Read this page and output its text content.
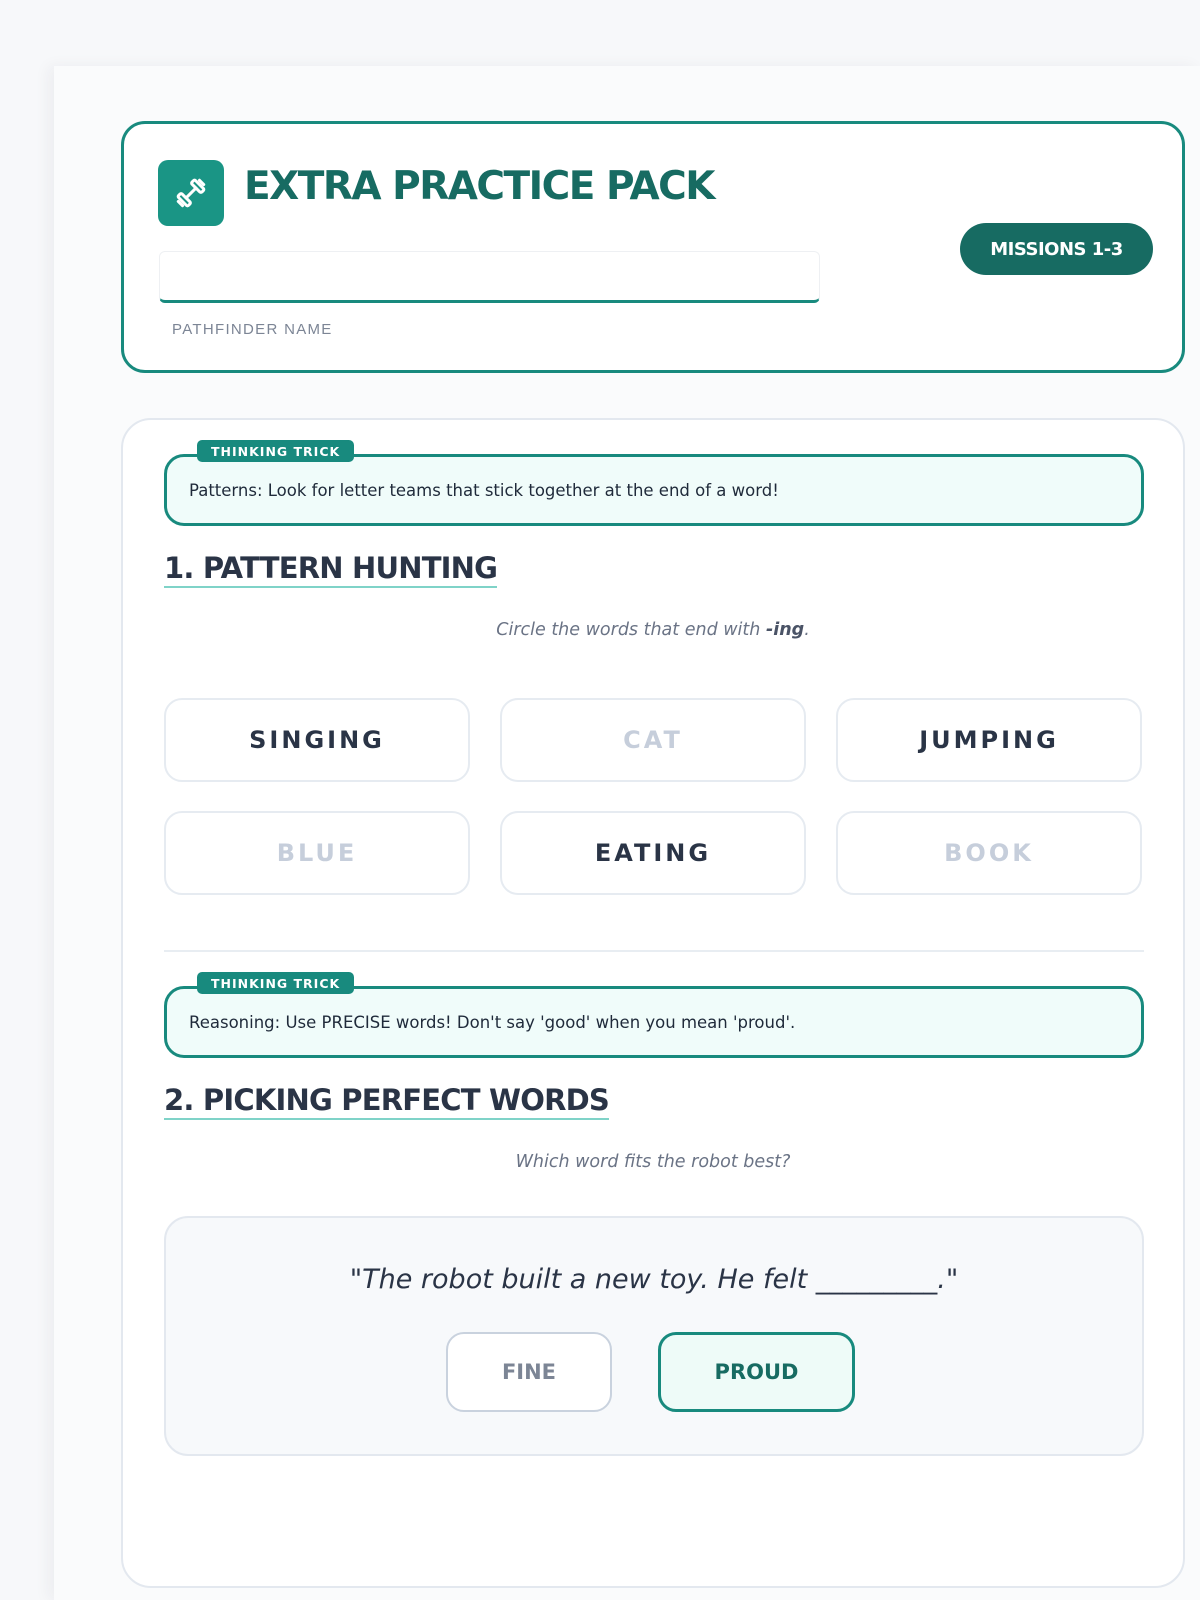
EXTRA PRACTICE PACK
MISSIONS 1-3
PATHFINDER NAME
THINKING TRICK
Patterns: Look for letter teams that stick together at the end of a word!
1. PATTERN HUNTING
Circle the words that end with -ing.
SINGING	CAT	JUMPING
BLUE	EATING	BOOK
THINKING TRICK
Reasoning: Use PRECISE words! Don't say 'good' when you mean 'proud'.
2. PICKING PERFECT WORDS
Which word fits the robot best?
"The robot built a new toy. He felt _________."
FINE	PROUD
